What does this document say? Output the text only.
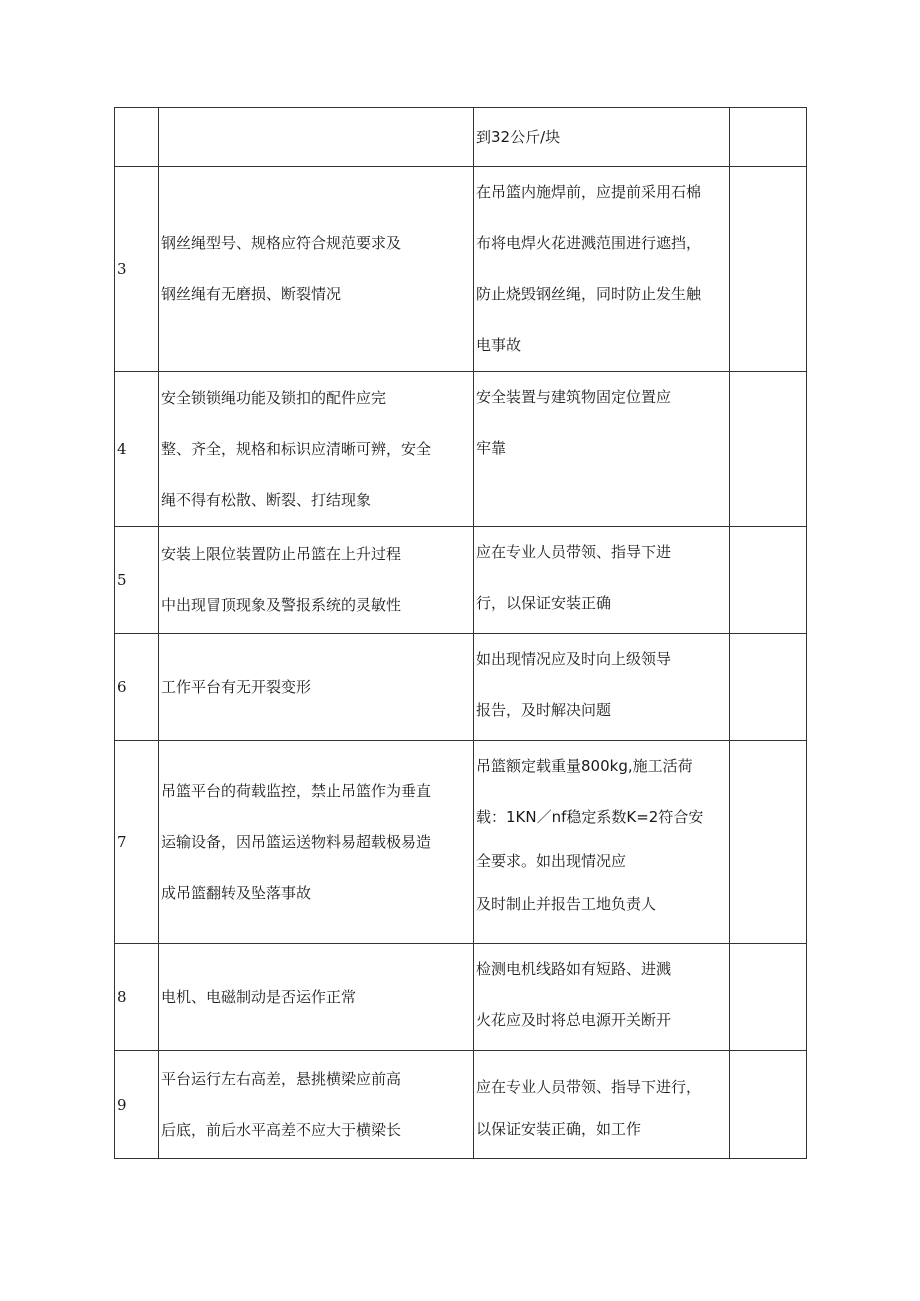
		到32公斤/块	

3	钢丝绳型号、规格应符合规范要求及
钢丝绳有无磨损、断裂情况	在吊篮内施焊前，应提前采用石棉
布将电焊火花进溅范围进行遮挡，
防止烧毁钢丝绳，同时防止发生触
电事故	

4	安全锁锁绳功能及锁扣的配件应完
整、齐全，规格和标识应清晰可辨，安全
绳不得有松散、断裂、打结现象	安全装置与建筑物固定位置应
牢靠	

5	安装上限位装置防止吊篮在上升过程
中出现冒顶现象及警报系统的灵敏性	应在专业人员带领、指导下进
行，以保证安装正确	

6	工作平台有无开裂变形	如出现情况应及时向上级领导
报告，及时解决问题	

7	吊篮平台的荷载监控，禁止吊篮作为垂直
运输设备，因吊篮运送物料易超载极易造
成吊篮翻转及坠落事故	吊篮额定载重量800kg,施工活荷
载：1KN／nf稳定系数K=2符合安
全要求。如出现情况应
及时制止并报告工地负责人	

8	电机、电磁制动是否运作正常	检测电机线路如有短路、进溅
火花应及时将总电源开关断开	

9	平台运行左右高差，悬挑横梁应前高
后底，前后水平高差不应大于横梁长	应在专业人员带领、指导下进行，
以保证安装正确，如工作	
